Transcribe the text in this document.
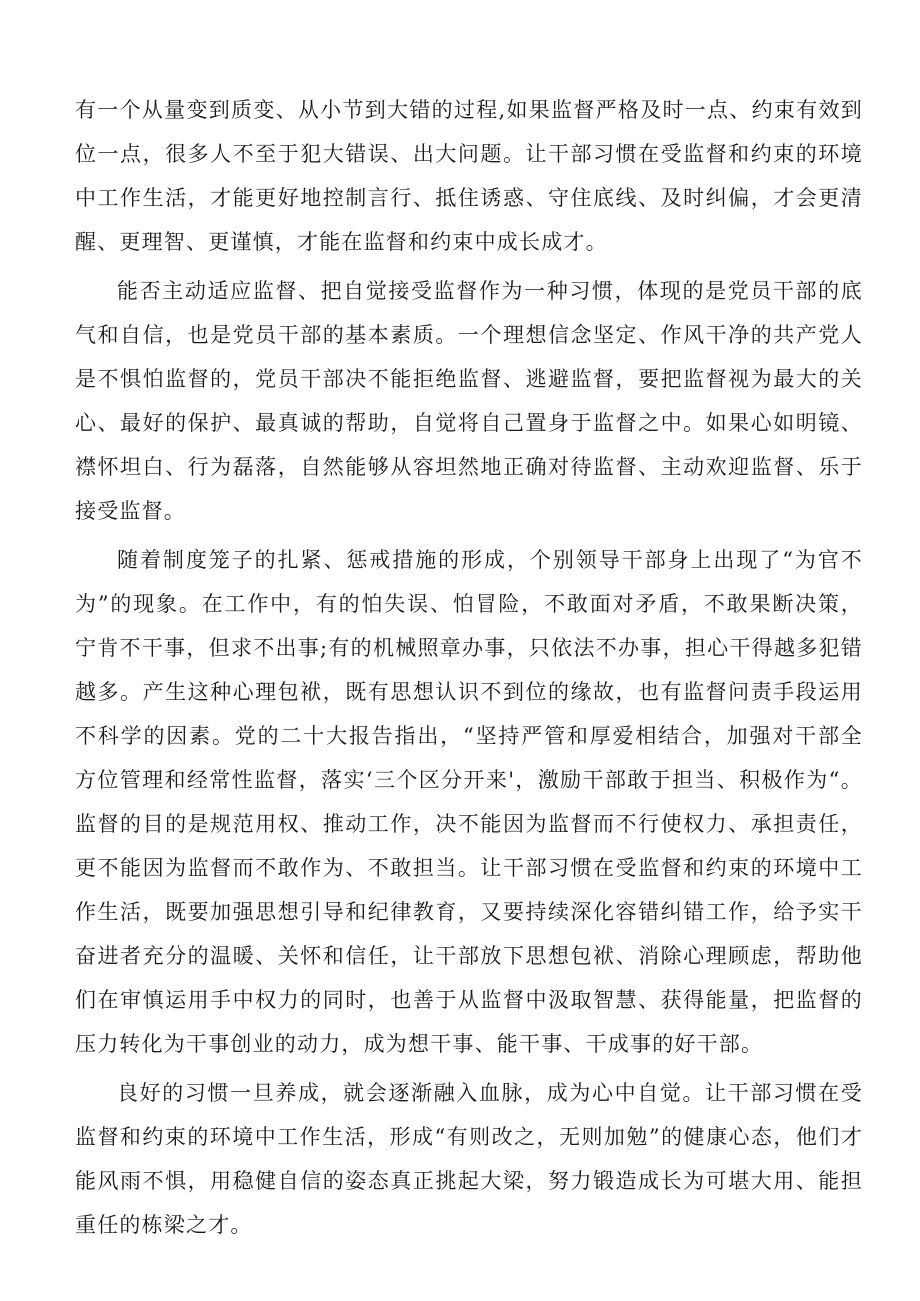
有一个从量变到质变、从小节到大错的过程,如果监督严格及时一点、约束有效到位一点，很多人不至于犯大错误、出大问题。让干部习惯在受监督和约束的环境中工作生活，才能更好地控制言行、抵住诱惑、守住底线、及时纠偏，才会更清醒、更理智、更谨慎，才能在监督和约束中成长成才。

能否主动适应监督、把自觉接受监督作为一种习惯，体现的是党员干部的底气和自信，也是党员干部的基本素质。一个理想信念坚定、作风干净的共产党人是不惧怕监督的，党员干部决不能拒绝监督、逃避监督，要把监督视为最大的关心、最好的保护、最真诚的帮助，自觉将自己置身于监督之中。如果心如明镜、襟怀坦白、行为磊落，自然能够从容坦然地正确对待监督、主动欢迎监督、乐于接受监督。

随着制度笼子的扎紧、惩戒措施的形成，个别领导干部身上出现了“为官不为”的现象。在工作中，有的怕失误、怕冒险，不敢面对矛盾，不敢果断决策，宁肯不干事，但求不出事;有的机械照章办事，只依法不办事，担心干得越多犯错越多。产生这种心理包袱，既有思想认识不到位的缘故，也有监督问责手段运用不科学的因素。党的二十大报告指出，“坚持严管和厚爱相结合，加强对干部全方位管理和经常性监督，落实‘三个区分开来'，激励干部敢于担当、积极作为“。监督的目的是规范用权、推动工作，决不能因为监督而不行使权力、承担责任，更不能因为监督而不敢作为、不敢担当。让干部习惯在受监督和约束的环境中工作生活，既要加强思想引导和纪律教育，又要持续深化容错纠错工作，给予实干奋进者充分的温暖、关怀和信任，让干部放下思想包袱、消除心理顾虑，帮助他们在审慎运用手中权力的同时，也善于从监督中汲取智慧、获得能量，把监督的压力转化为干事创业的动力，成为想干事、能干事、干成事的好干部。

良好的习惯一旦养成，就会逐渐融入血脉，成为心中自觉。让干部习惯在受监督和约束的环境中工作生活，形成“有则改之，无则加勉”的健康心态，他们才能风雨不惧，用稳健自信的姿态真正挑起大梁，努力锻造成长为可堪大用、能担重任的栋梁之才。
